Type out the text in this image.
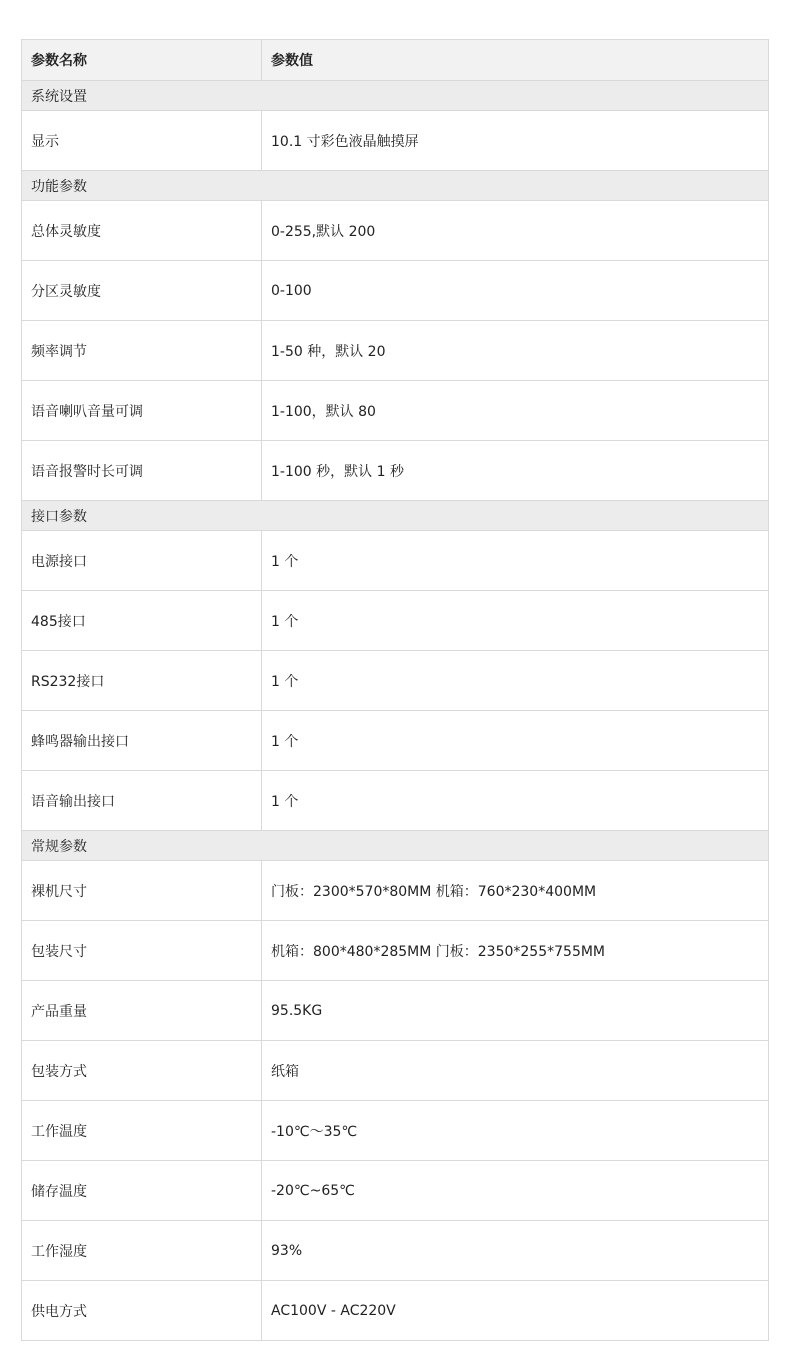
参数名称	参数值
系统设置	
显示	10.1 寸彩色液晶触摸屏
功能参数	
总体灵敏度	0-255,默认 200
分区灵敏度	0-100
频率调节	1-50 种，默认 20
语音喇叭音量可调	1-100，默认 80
语音报警时长可调	1-100 秒，默认 1 秒
接口参数	
电源接口	1 个
485接口	1 个
RS232接口	1 个
蜂鸣器输出接口	1 个
语音输出接口	1 个
常规参数	
裸机尺寸	门板：2300*570*80MM 机箱：760*230*400MM
包装尺寸	机箱：800*480*285MM 门板：2350*255*755MM
产品重量	95.5KG
包装方式	纸箱
工作温度	-10℃～35℃
储存温度	-20℃~65℃
工作湿度	93%
供电方式	AC100V - AC220V
